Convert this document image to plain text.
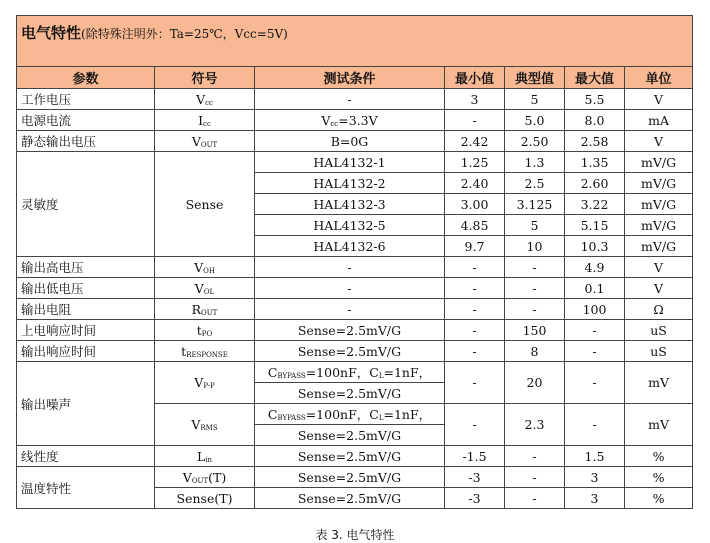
电气特性(除特殊注明外：Ta=25℃，Vcc=5V)						
参数	符号	测试条件	最小值	典型值	最大值	单位
工作电压	$V_{cc}$	-	3	5	5.5	V
电源电流	$I_{cc}$	$V_{cc}=3.3V$	-	5.0	8.0	mA
静态输出电压	$V_{OUT}$	B=0G	2.42	2.50	2.58	V
灵敏度	Sense	HAL4132-1	1.25	1.3	1.35	mV/G
		HAL4132-2	2.40	2.5	2.60	mV/G
		HAL4132-3	3.00	3.125	3.22	mV/G
		HAL4132-5	4.85	5	5.15	mV/G
		HAL4132-6	9.7	10	10.3	mV/G
输出高电压	$V_{OH}$	-	-	-	4.9	V
输出低电压	$V_{OL}$	-	-	-	0.1	V
输出电阻	$R_{OUT}$	-	-	-	100	Ω
上电响应时间	$t_{PO}$	Sense=2.5mV/G	-	150	-	uS
输出响应时间	$t_{RESPONSE}$	Sense=2.5mV/G	-	8	-	uS
输出噪声	$V_{P-P}$	$C_{BYPASS}=100nF$，$C_L=1nF$，	-	20	-	mV
		Sense=2.5mV/G				
	$V_{RMS}$	$C_{BYPASS}=100nF$，$C_L=1nF$，	-	2.3	-	mV
		Sense=2.5mV/G				
线性度	$L_{in}$	Sense=2.5mV/G	-1.5	-	1.5	%
温度特性	$V_{OUT}(T)$	Sense=2.5mV/G	-3	-	3	%
	Sense(T)	Sense=2.5mV/G	-3	-	3	%
表 3. 电气特性
